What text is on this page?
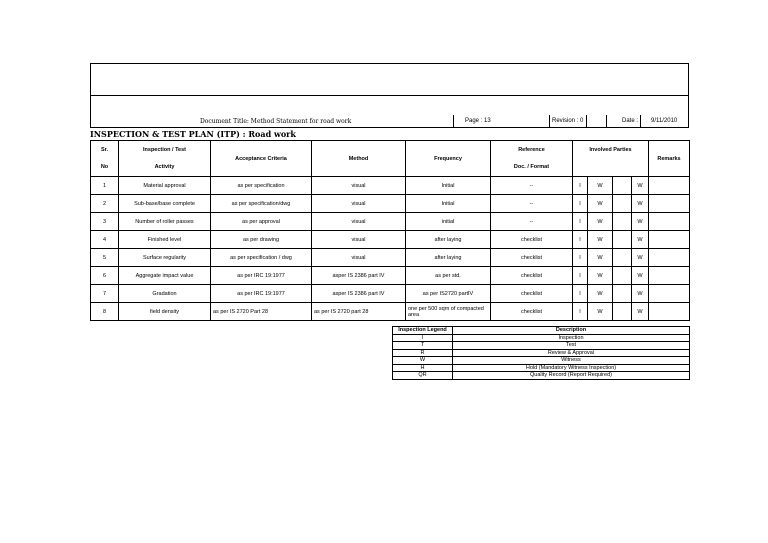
Document Title: Method Statement for road work	Page : 13	Revision : 0	Date : 9/11/2010
INSPECTION & TEST PLAN (ITP) : Road work
Sr.	Inspection / Test	Acceptance Criteria	Method	Frequency	Reference	Involved Parties				Remarks
No	Activity				Doc. / Format					
1	Material approval	as per specification	visual	Initial	--	I	W		W	
2	Sub-base/base complete	as per specification/dwg	visual	Initial	--	I	W		W	
3	Number of roller passes	as per approval	visual	initial	--	I	W		W	
4	Finished level	as per drawing	visual	after laying	checklist	I	W		W	
5	Surface regularity	as per specification / dwg	visual	after laying	checklist	I	W		W	
6	Aggregate impact value	as per IRC 19:1977	asper IS 2386 part IV	as per std.	checklist	I	W		W	
7	Gradation	as per IRC 19:1977	asper IS 2386 part IV	as per IS2720 partIV	checklist	I	W		W	
8	field density	as per IS 2720 Part 28	as per IS 2720 part 28	one per 500 sqm of compacted area	checklist	I	W		W	
Inspection Legend	Description
I	Inspection
T	Test
R	Review & Approval
W	Witness
H	Hold (Mandatory Witness Inspection)
QR	Quality Record (Report Required)
